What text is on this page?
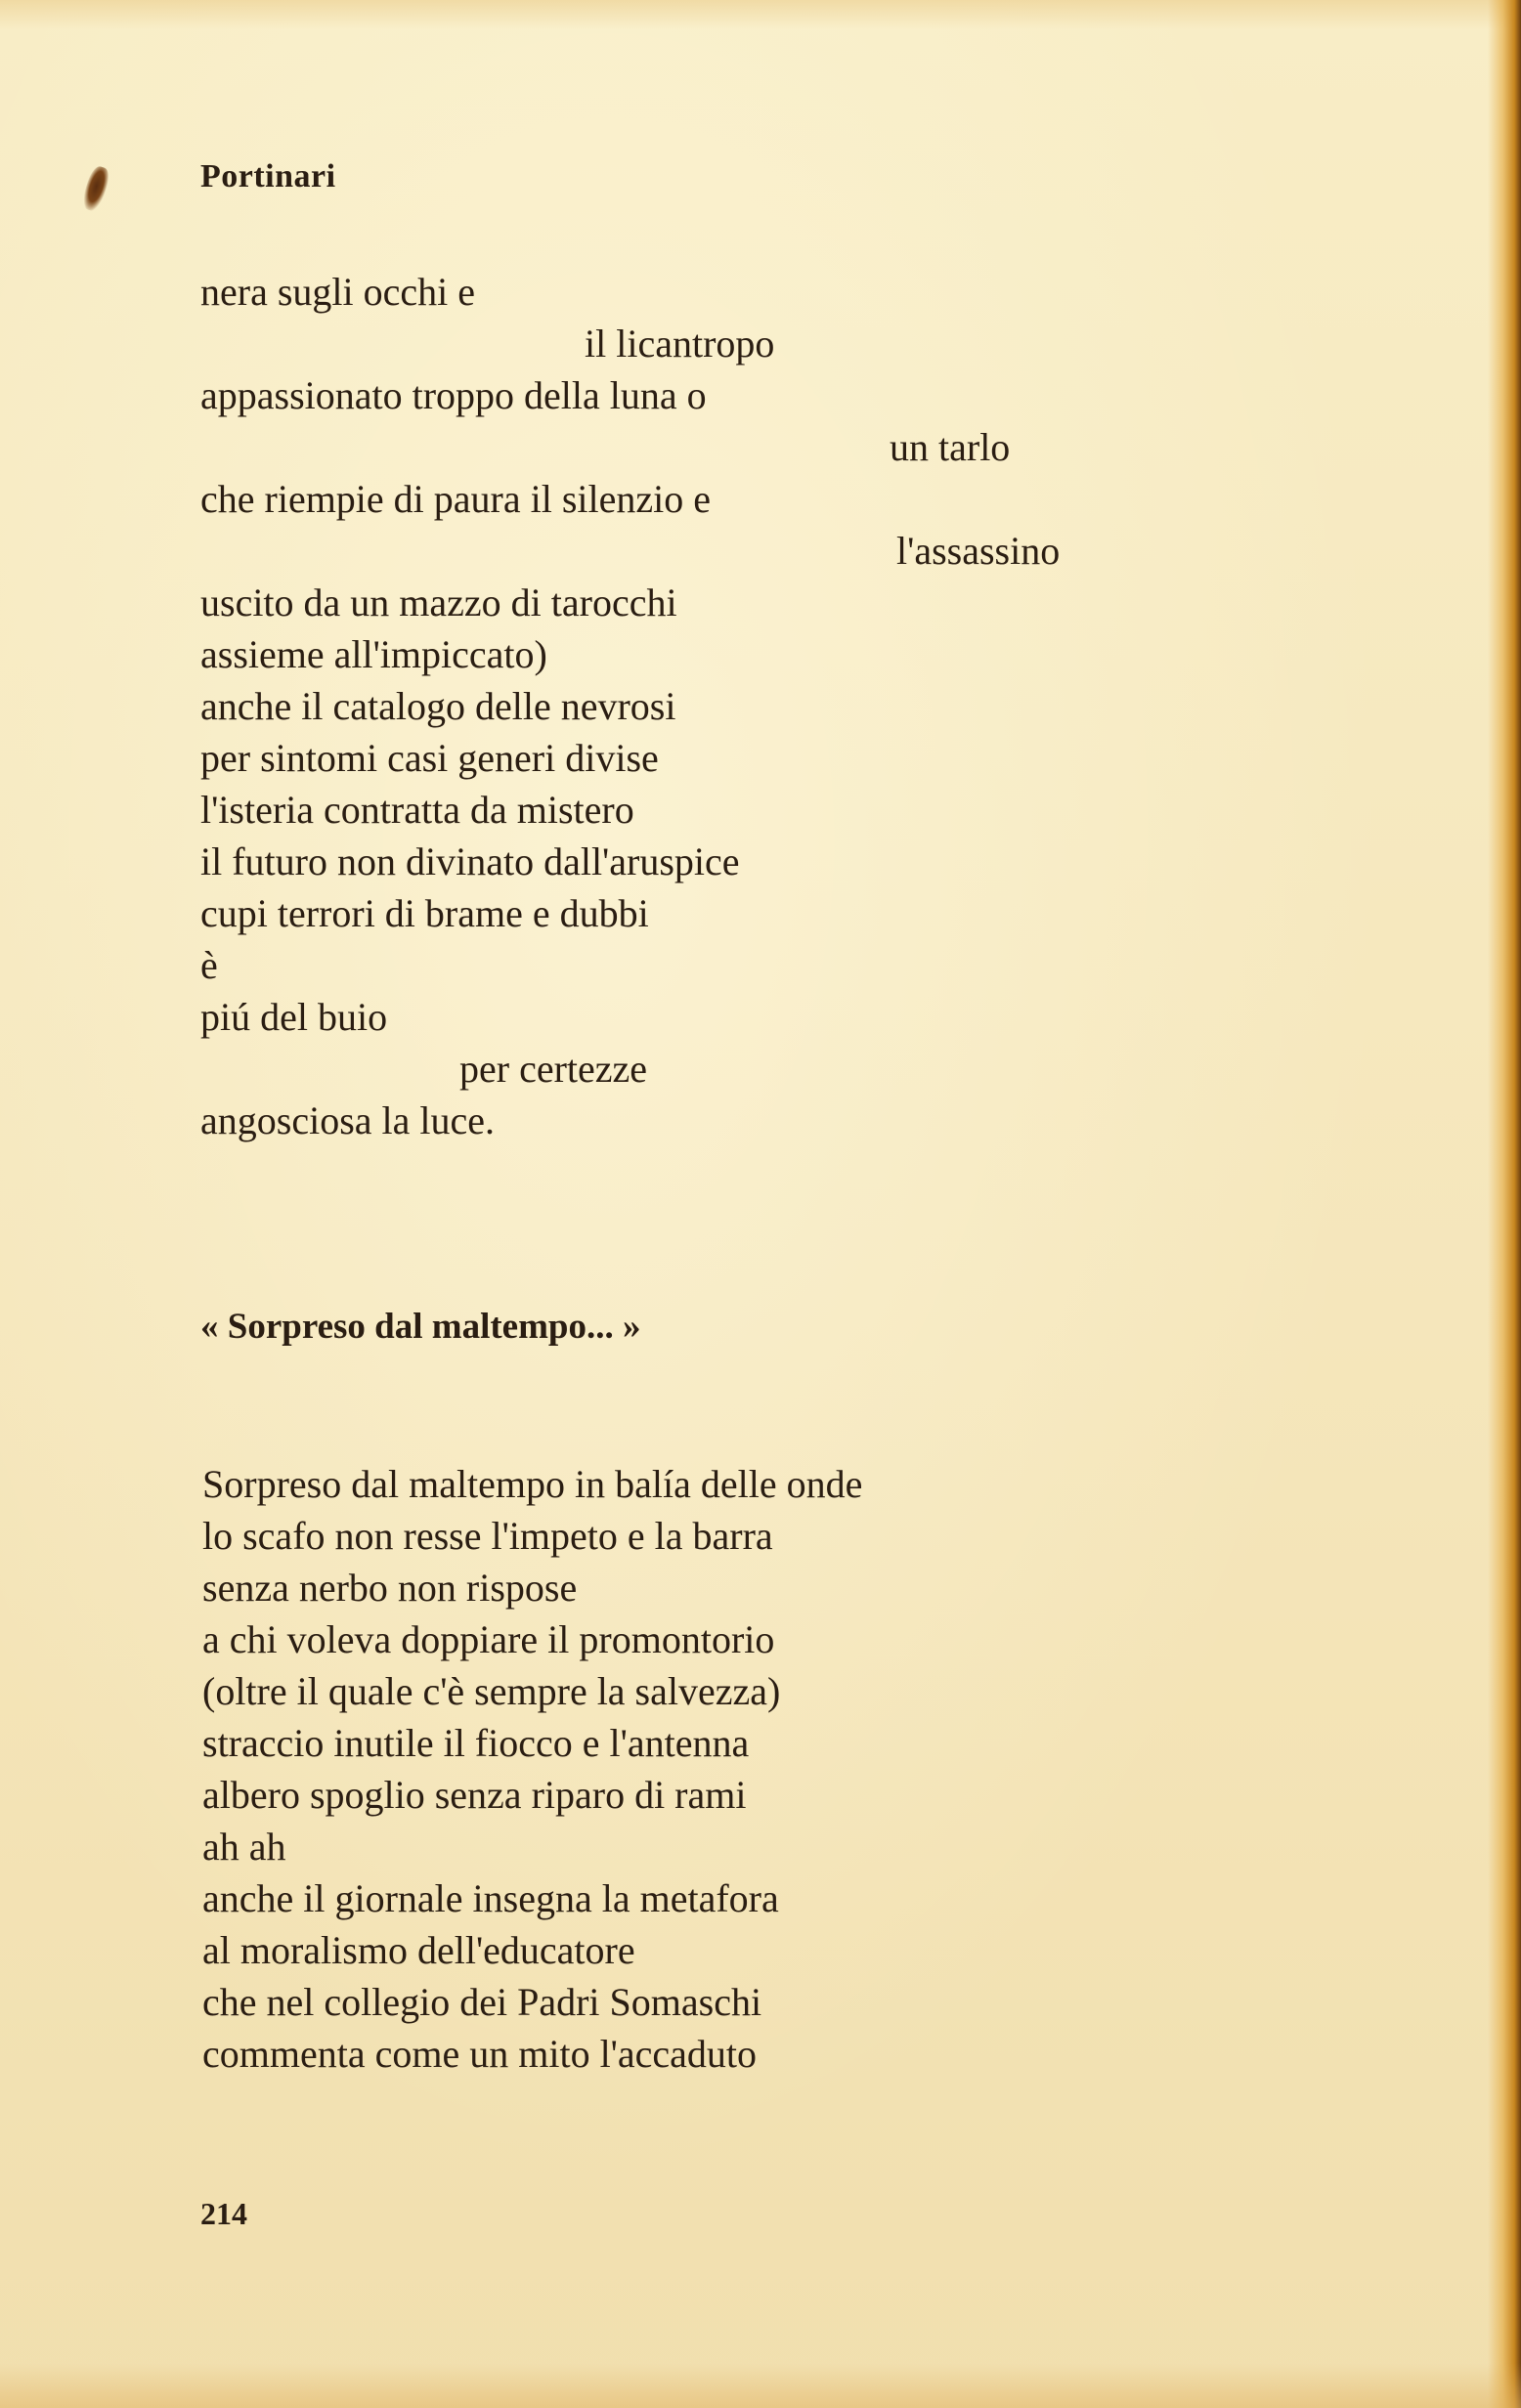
Portinari

nera sugli occhi e
il licantropo
appassionato troppo della luna o
un tarlo
che riempie di paura il silenzio e
l'assassino
uscito da un mazzo di tarocchi
assieme all'impiccato)
anche il catalogo delle nevrosi
per sintomi casi generi divise
l'isteria contratta da mistero
il futuro non divinato dall'aruspice
cupi terrori di brame e dubbi
è
piú del buio
per certezze
angosciosa la luce.
« Sorpreso dal maltempo... »
Sorpreso dal maltempo in balía delle onde
lo scafo non resse l'impeto e la barra
senza nerbo non rispose
a chi voleva doppiare il promontorio
(oltre il quale c'è sempre la salvezza)
straccio inutile il fiocco e l'antenna
albero spoglio senza riparo di rami
ah ah
anche il giornale insegna la metafora
al moralismo dell'educatore
che nel collegio dei Padri Somaschi
commenta come un mito l'accaduto

214
